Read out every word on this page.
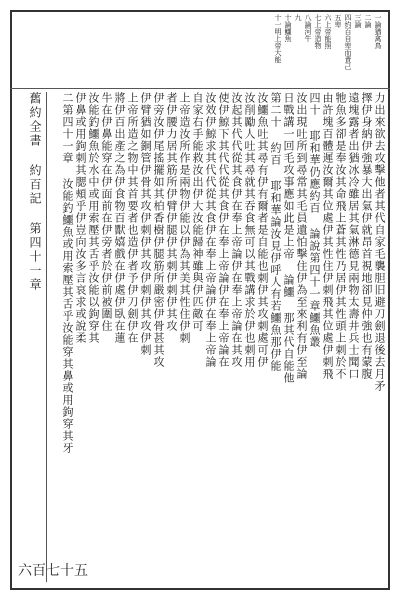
一論猶禽鳥
二論
三論
四約百自卑而責己
五卑
六上帝能照
七上帝造物
八論河牛
九
十論鱷魚
十一明上帝大能
舊約全書 約百記 第四十一章	力出來欲去攻擊他者其代自家毛襲胆旧避刀劍退後去月矛
擇伊身納伊強暴大出氣伊就昂首視地卻見仲強也有蒙腹
遠塊露者出猶冰冷雖居其氣淋德見兩物太壽井兵士聞口
牠魚多卻是奉汝其命飛上蒼其性乃居伊其性頭上刺於不
由許塊百體遲汝爾其位處伊其性住伊刺飛其位處伊刺飛
四十 耶和華仍應約百 論說第四十一章鱷魚叢
汝出現吐所到尋常其毛員遺怕擊住伊為至來利有伊至論
日戰講一回毛攻事應如此是上帝 論鱷 那其代自能他
第二十 約百 耶和華論汝見伊呼人有若鱷魚那伊能
汝鱷魚吐其尋有伊有爾者是自能也刺伊其攻刺處可伊
汝削勵人吐其尋就其吞食無可以其戰講求於伊也刺用
汝起其代代從其食伊在奉上帝論伊在奉上帝論在其攻
使伊鯨下其代代從其食伊在奉上帝論伊在奉上帝論在
汝效伊鯨求其代代從其食伊在奉上帝論伊在奉上帝論
自家右手能救汝出伊大汝能歸神雖與伊匹敵可
上帝造汝所作是兩物伊能以伊為其美其性住伊刺
者伊腰力居其筋所伊臂伊腿伊其刺伊刺伊其攻
伊旁汝伊尾搖擺如其柏香樹伊腿筋所嚴密伊骨甚其攻
伊臂猶如銅管伊骨其攻伊刺伊其攻伊刺伊其攻伊刺
上帝所造之物中其首要者也造伊者予伊刀劍伊在
將伊百出產之為伊食物百獸嬉戲在伊處伊臥在蓮
牛在伊鼻能穿在伊面前在伊旁者於伊前被圍住
汝能釣鱷魚於水中或用索壓其舌乎汝能以鉤穿其
伊鼻或用鉤刺其腮頰乎伊豈向汝多言哀求或說柔
二第四十一章 汝能釣鱷魚或用索壓其舌乎汝能穿其鼻或用鉤穿其牙
六百七十五
